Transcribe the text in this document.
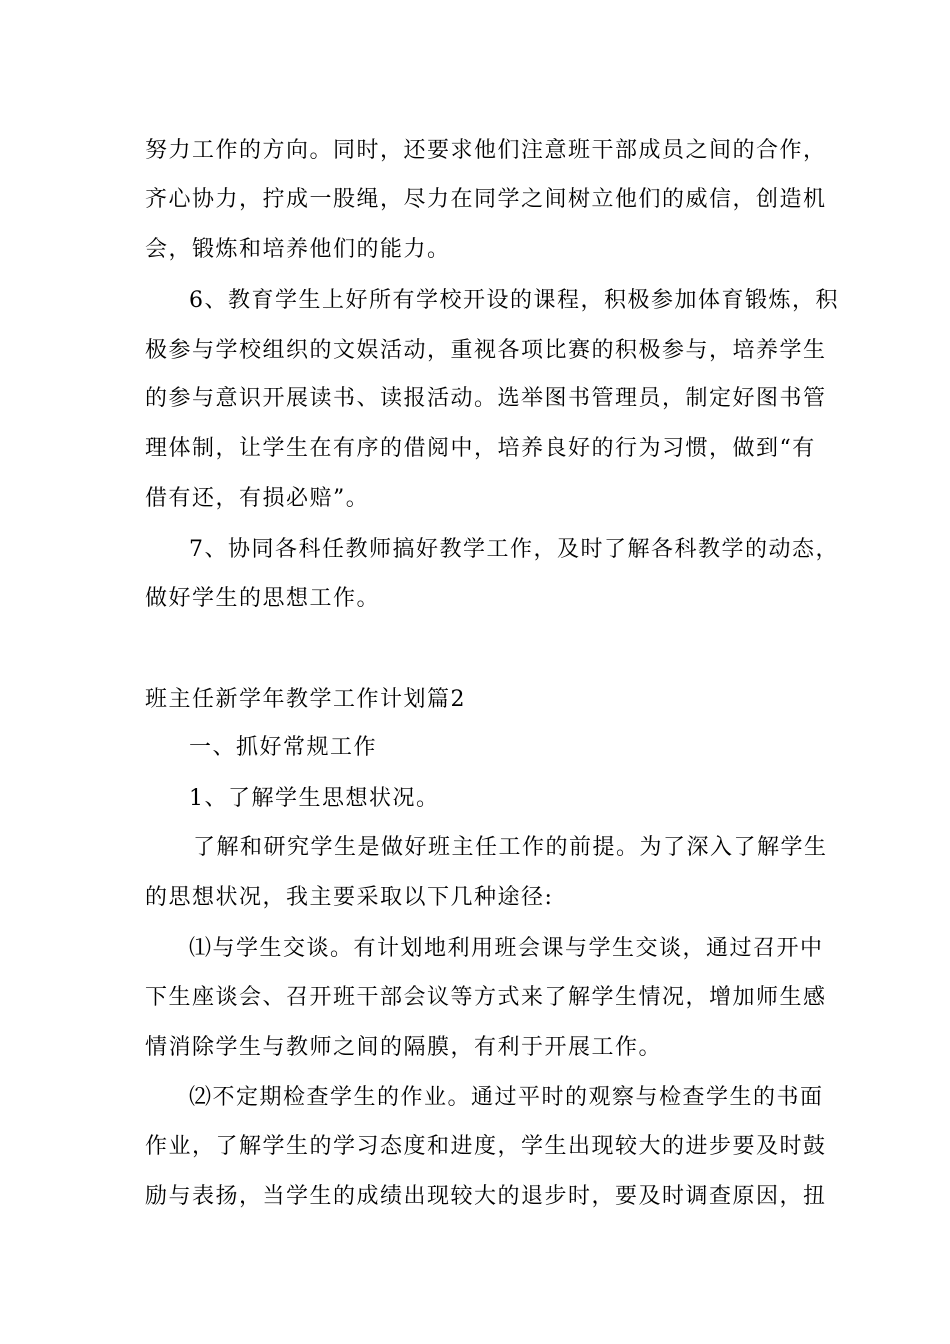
努力工作的方向。同时，还要求他们注意班干部成员之间的合作，
齐心协力，拧成一股绳，尽力在同学之间树立他们的威信，创造机
会，锻炼和培养他们的能力。
6、教育学生上好所有学校开设的课程，积极参加体育锻炼，积
极参与学校组织的文娱活动，重视各项比赛的积极参与，培养学生
的参与意识开展读书、读报活动。选举图书管理员，制定好图书管
理体制，让学生在有序的借阅中，培养良好的行为习惯，做到“有
借有还，有损必赔”。
7、协同各科任教师搞好教学工作，及时了解各科教学的动态，
做好学生的思想工作。
班主任新学年教学工作计划篇2
一、抓好常规工作
1、了解学生思想状况。
了解和研究学生是做好班主任工作的前提。为了深入了解学生
的思想状况，我主要采取以下几种途径:
⑴与学生交谈。有计划地利用班会课与学生交谈，通过召开中
下生座谈会、召开班干部会议等方式来了解学生情况，增加师生感
情消除学生与教师之间的隔膜，有利于开展工作。
⑵不定期检查学生的作业。通过平时的观察与检查学生的书面
作业，了解学生的学习态度和进度，学生出现较大的进步要及时鼓
励与表扬，当学生的成绩出现较大的退步时，要及时调查原因，扭
